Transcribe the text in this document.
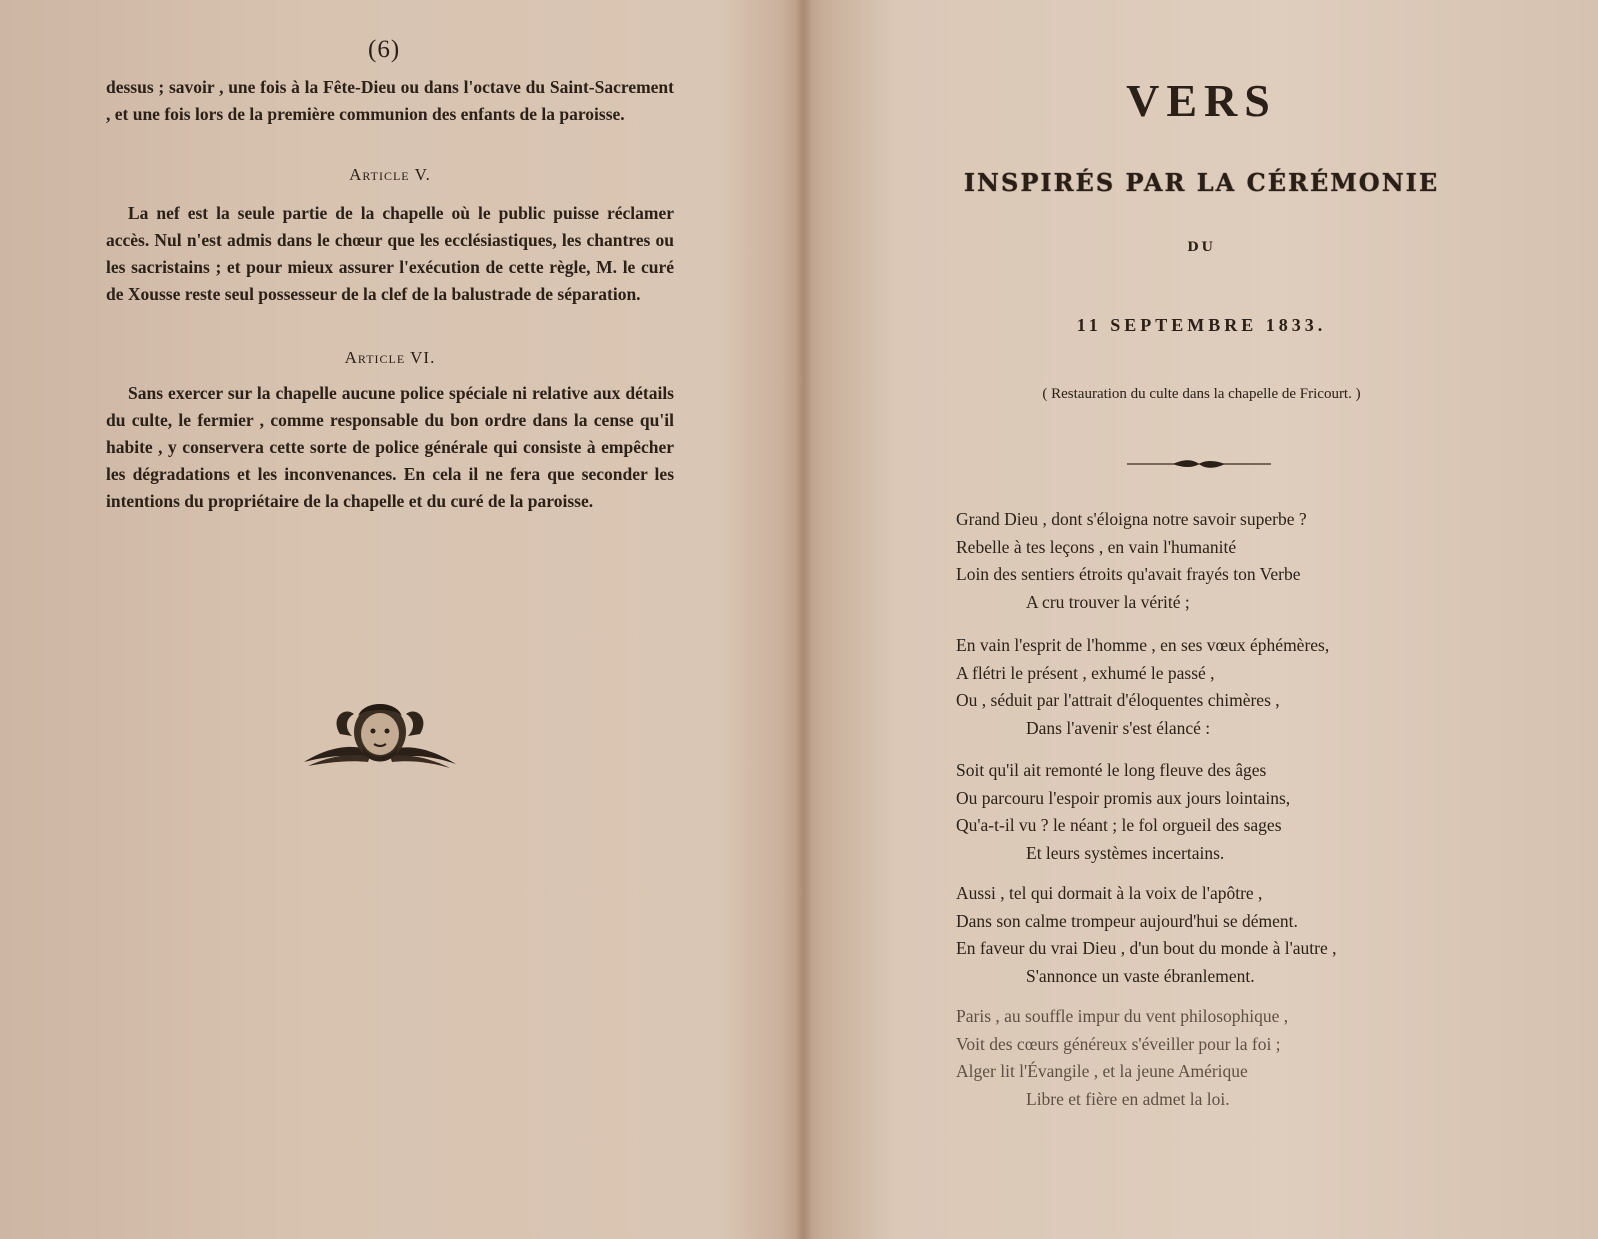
(6)
dessus ; savoir , une fois à la Fête-Dieu ou dans l'octave du Saint-Sacrement , et une fois lors de la première communion des enfants de la paroisse.
Article V.
La nef est la seule partie de la chapelle où le public puisse réclamer accès. Nul n'est admis dans le chœur que les ecclésiastiques, les chantres ou les sacristains ; et pour mieux assurer l'exécution de cette règle, M. le curé de Xousse reste seul possesseur de la clef de la balustrade de séparation.
Article VI.
Sans exercer sur la chapelle aucune police spéciale ni relative aux détails du culte, le fermier , comme responsable du bon ordre dans la cense qu'il habite , y conservera cette sorte de police générale qui consiste à empêcher les dégradations et les inconvenances. En cela il ne fera que seconder les intentions du propriétaire de la chapelle et du curé de la paroisse.
VERS
INSPIRÉS PAR LA CÉRÉMONIE
DU
11 SEPTEMBRE 1833.
( Restauration du culte dans la chapelle de Fricourt. )
Grand Dieu , dont s'éloigna notre savoir superbe ?
Rebelle à tes leçons , en vain l'humanité
Loin des sentiers étroits qu'avait frayés ton Verbe
A cru trouver la vérité ;
En vain l'esprit de l'homme , en ses vœux éphémères,
A flétri le présent , exhumé le passé ,
Ou , séduit par l'attrait d'éloquentes chimères ,
Dans l'avenir s'est élancé :
Soit qu'il ait remonté le long fleuve des âges
Ou parcouru l'espoir promis aux jours lointains,
Qu'a-t-il vu ? le néant ; le fol orgueil des sages
Et leurs systèmes incertains.
Aussi , tel qui dormait à la voix de l'apôtre ,
Dans son calme trompeur aujourd'hui se dément.
En faveur du vrai Dieu , d'un bout du monde à l'autre ,
S'annonce un vaste ébranlement.
Paris , au souffle impur du vent philosophique ,
Voit des cœurs généreux s'éveiller pour la foi ;
Alger lit l'Évangile , et la jeune Amérique
Libre et fière en admet la loi.
